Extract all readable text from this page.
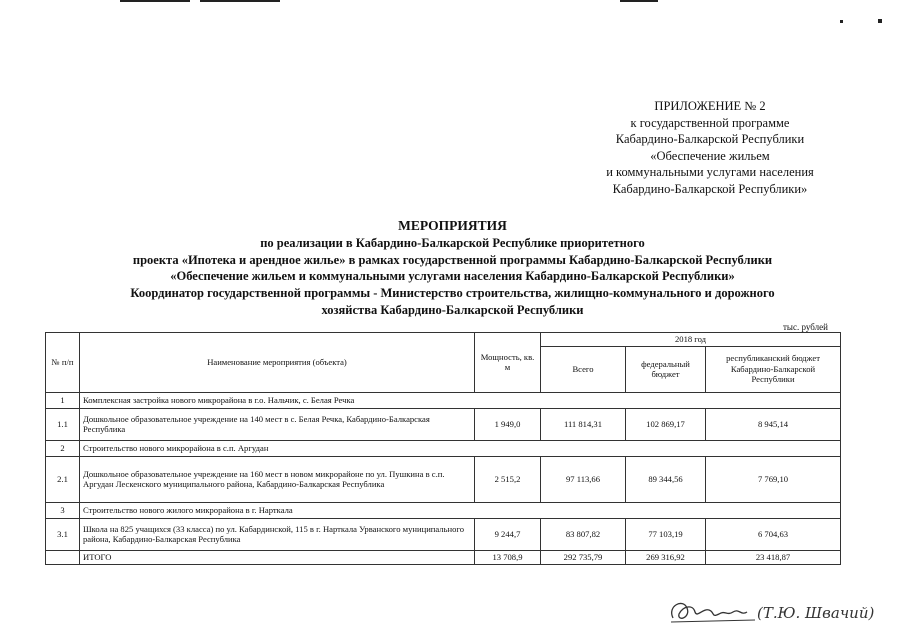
ПРИЛОЖЕНИЕ № 2
к государственной программе
Кабардино-Балкарской Республики
«Обеспечение жильем
и коммунальными услугами населения
Кабардино-Балкарской Республики»
МЕРОПРИЯТИЯ
по реализации в Кабардино-Балкарской Республике приоритетного
проекта «Ипотека и арендное жилье» в рамках государственной программы Кабардино-Балкарской Республики
«Обеспечение жильем и коммунальными услугами населения Кабардино-Балкарской Республики»
Координатор государственной программы - Министерство строительства, жилищно-коммунального и дорожного
хозяйства Кабардино-Балкарской Республики
тыс. рублей
№ п/п	Наименование мероприятия (объекта)	Мощность, кв. м	2018 год		
			Всего	федеральный бюджет	республиканский бюджет Кабардино-Балкарской Республики
1	Комплексная застройка нового микрорайона в г.о. Нальчик, с. Белая Речка				
1.1	Дошкольное образовательное учреждение на 140 мест в с. Белая Речка, Кабардино-Балкарская Республика	1 949,0	111 814,31	102 869,17	8 945,14
2	Строительство нового микрорайона в с.п. Аргудан				
2.1	Дошкольное образовательное учреждение на 160 мест в новом микрорайоне по ул. Пушкина в с.п. Аргудан Лескенского муниципального района, Кабардино-Балкарская Республика	2 515,2	97 113,66	89 344,56	7 769,10
3	Строительство нового жилого микрорайона в г. Нарткала				
3.1	Школа на 825 учащихся (33 класса) по ул. Кабардинской, 115 в г. Нарткала Урванского муниципального района, Кабардино-Балкарская Республика	9 244,7	83 807,82	77 103,19	6 704,63
	ИТОГО	13 708,9	292 735,79	269 316,92	23 418,87
(Т.Ю. Швачий)
